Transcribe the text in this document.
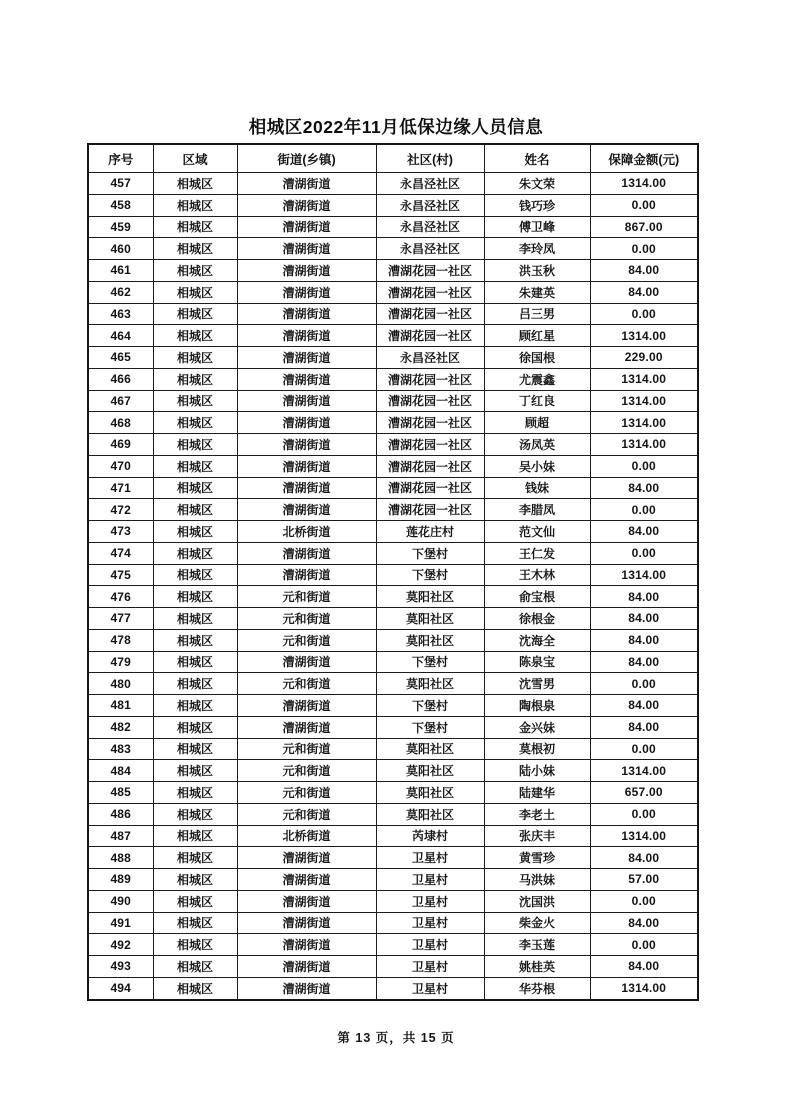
相城区2022年11月低保边缘人员信息
序号	区域	街道(乡镇)	社区(村)	姓名	保障金额(元)
457	相城区	漕湖街道	永昌泾社区	朱文荣	1314.00
458	相城区	漕湖街道	永昌泾社区	钱巧珍	0.00
459	相城区	漕湖街道	永昌泾社区	傅卫峰	867.00
460	相城区	漕湖街道	永昌泾社区	李玲凤	0.00
461	相城区	漕湖街道	漕湖花园一社区	洪玉秋	84.00
462	相城区	漕湖街道	漕湖花园一社区	朱建英	84.00
463	相城区	漕湖街道	漕湖花园一社区	吕三男	0.00
464	相城区	漕湖街道	漕湖花园一社区	顾红星	1314.00
465	相城区	漕湖街道	永昌泾社区	徐国根	229.00
466	相城区	漕湖街道	漕湖花园一社区	尤震鑫	1314.00
467	相城区	漕湖街道	漕湖花园一社区	丁红良	1314.00
468	相城区	漕湖街道	漕湖花园一社区	顾超	1314.00
469	相城区	漕湖街道	漕湖花园一社区	汤凤英	1314.00
470	相城区	漕湖街道	漕湖花园一社区	吴小妹	0.00
471	相城区	漕湖街道	漕湖花园一社区	钱妹	84.00
472	相城区	漕湖街道	漕湖花园一社区	李腊凤	0.00
473	相城区	北桥街道	莲花庄村	范文仙	84.00
474	相城区	漕湖街道	下堡村	王仁发	0.00
475	相城区	漕湖街道	下堡村	王木林	1314.00
476	相城区	元和街道	莫阳社区	俞宝根	84.00
477	相城区	元和街道	莫阳社区	徐根金	84.00
478	相城区	元和街道	莫阳社区	沈海全	84.00
479	相城区	漕湖街道	下堡村	陈泉宝	84.00
480	相城区	元和街道	莫阳社区	沈雪男	0.00
481	相城区	漕湖街道	下堡村	陶根泉	84.00
482	相城区	漕湖街道	下堡村	金兴妹	84.00
483	相城区	元和街道	莫阳社区	莫根初	0.00
484	相城区	元和街道	莫阳社区	陆小妹	1314.00
485	相城区	元和街道	莫阳社区	陆建华	657.00
486	相城区	元和街道	莫阳社区	李老土	0.00
487	相城区	北桥街道	芮埭村	张庆丰	1314.00
488	相城区	漕湖街道	卫星村	黄雪珍	84.00
489	相城区	漕湖街道	卫星村	马洪妹	57.00
490	相城区	漕湖街道	卫星村	沈国洪	0.00
491	相城区	漕湖街道	卫星村	柴金火	84.00
492	相城区	漕湖街道	卫星村	李玉莲	0.00
493	相城区	漕湖街道	卫星村	姚桂英	84.00
494	相城区	漕湖街道	卫星村	华芬根	1314.00
第 13 页，共 15 页
